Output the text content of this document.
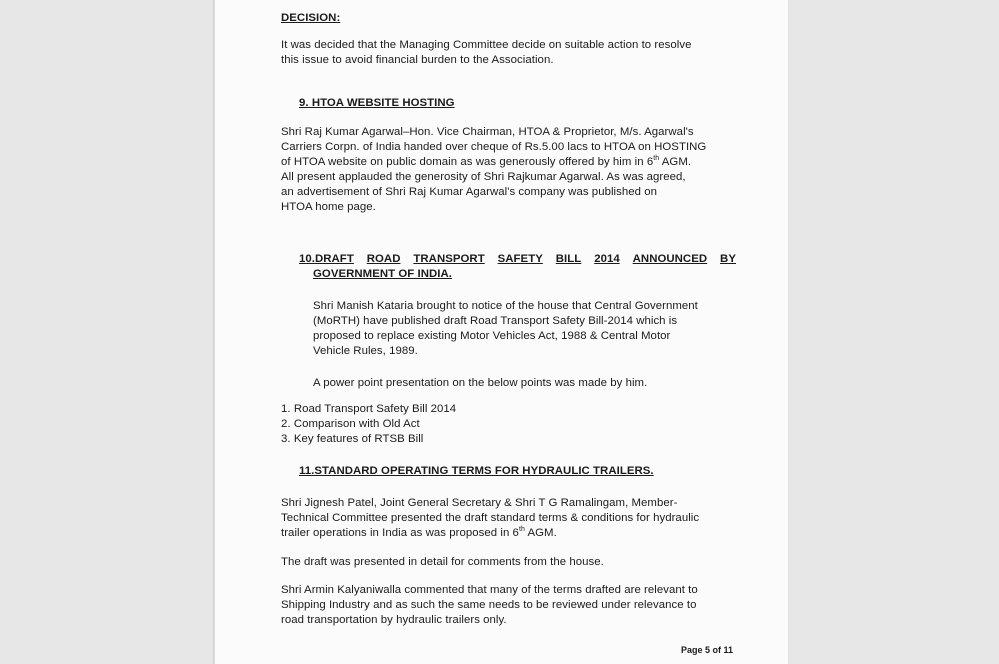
DECISION:
It was decided that the Managing Committee decide on suitable action to resolve
this issue to avoid financial burden to the Association.
9. HTOA WEBSITE HOSTING
Shri Raj Kumar Agarwal–Hon. Vice Chairman, HTOA & Proprietor, M/s. Agarwal's
Carriers Corpn. of India handed over cheque of Rs.5.00 lacs to HTOA on HOSTING
of HTOA website on public domain as was generously offered by him in 6th AGM.
All present applauded the generosity of Shri Rajkumar Agarwal. As was agreed,
an advertisement of Shri Raj Kumar Agarwal's company was published on
HTOA home page.
10.DRAFT ROAD TRANSPORT SAFETY BILL 2014 ANNOUNCED BY
GOVERNMENT OF INDIA.
Shri Manish Kataria brought to notice of the house that Central Government
(MoRTH) have published draft Road Transport Safety Bill-2014 which is
proposed to replace existing Motor Vehicles Act, 1988 & Central Motor
Vehicle Rules, 1989.
A power point presentation on the below points was made by him.
1. Road Transport Safety Bill 2014
2. Comparison with Old Act
3. Key features of RTSB Bill
11.STANDARD OPERATING TERMS FOR HYDRAULIC TRAILERS.
Shri Jignesh Patel, Joint General Secretary & Shri T G Ramalingam, Member-
Technical Committee presented the draft standard terms & conditions for hydraulic
trailer operations in India as was proposed in 6th AGM.
The draft was presented in detail for comments from the house.
Shri Armin Kalyaniwalla commented that many of the terms drafted are relevant to
Shipping Industry and as such the same needs to be reviewed under relevance to
road transportation by hydraulic trailers only.
Page 5 of 11
